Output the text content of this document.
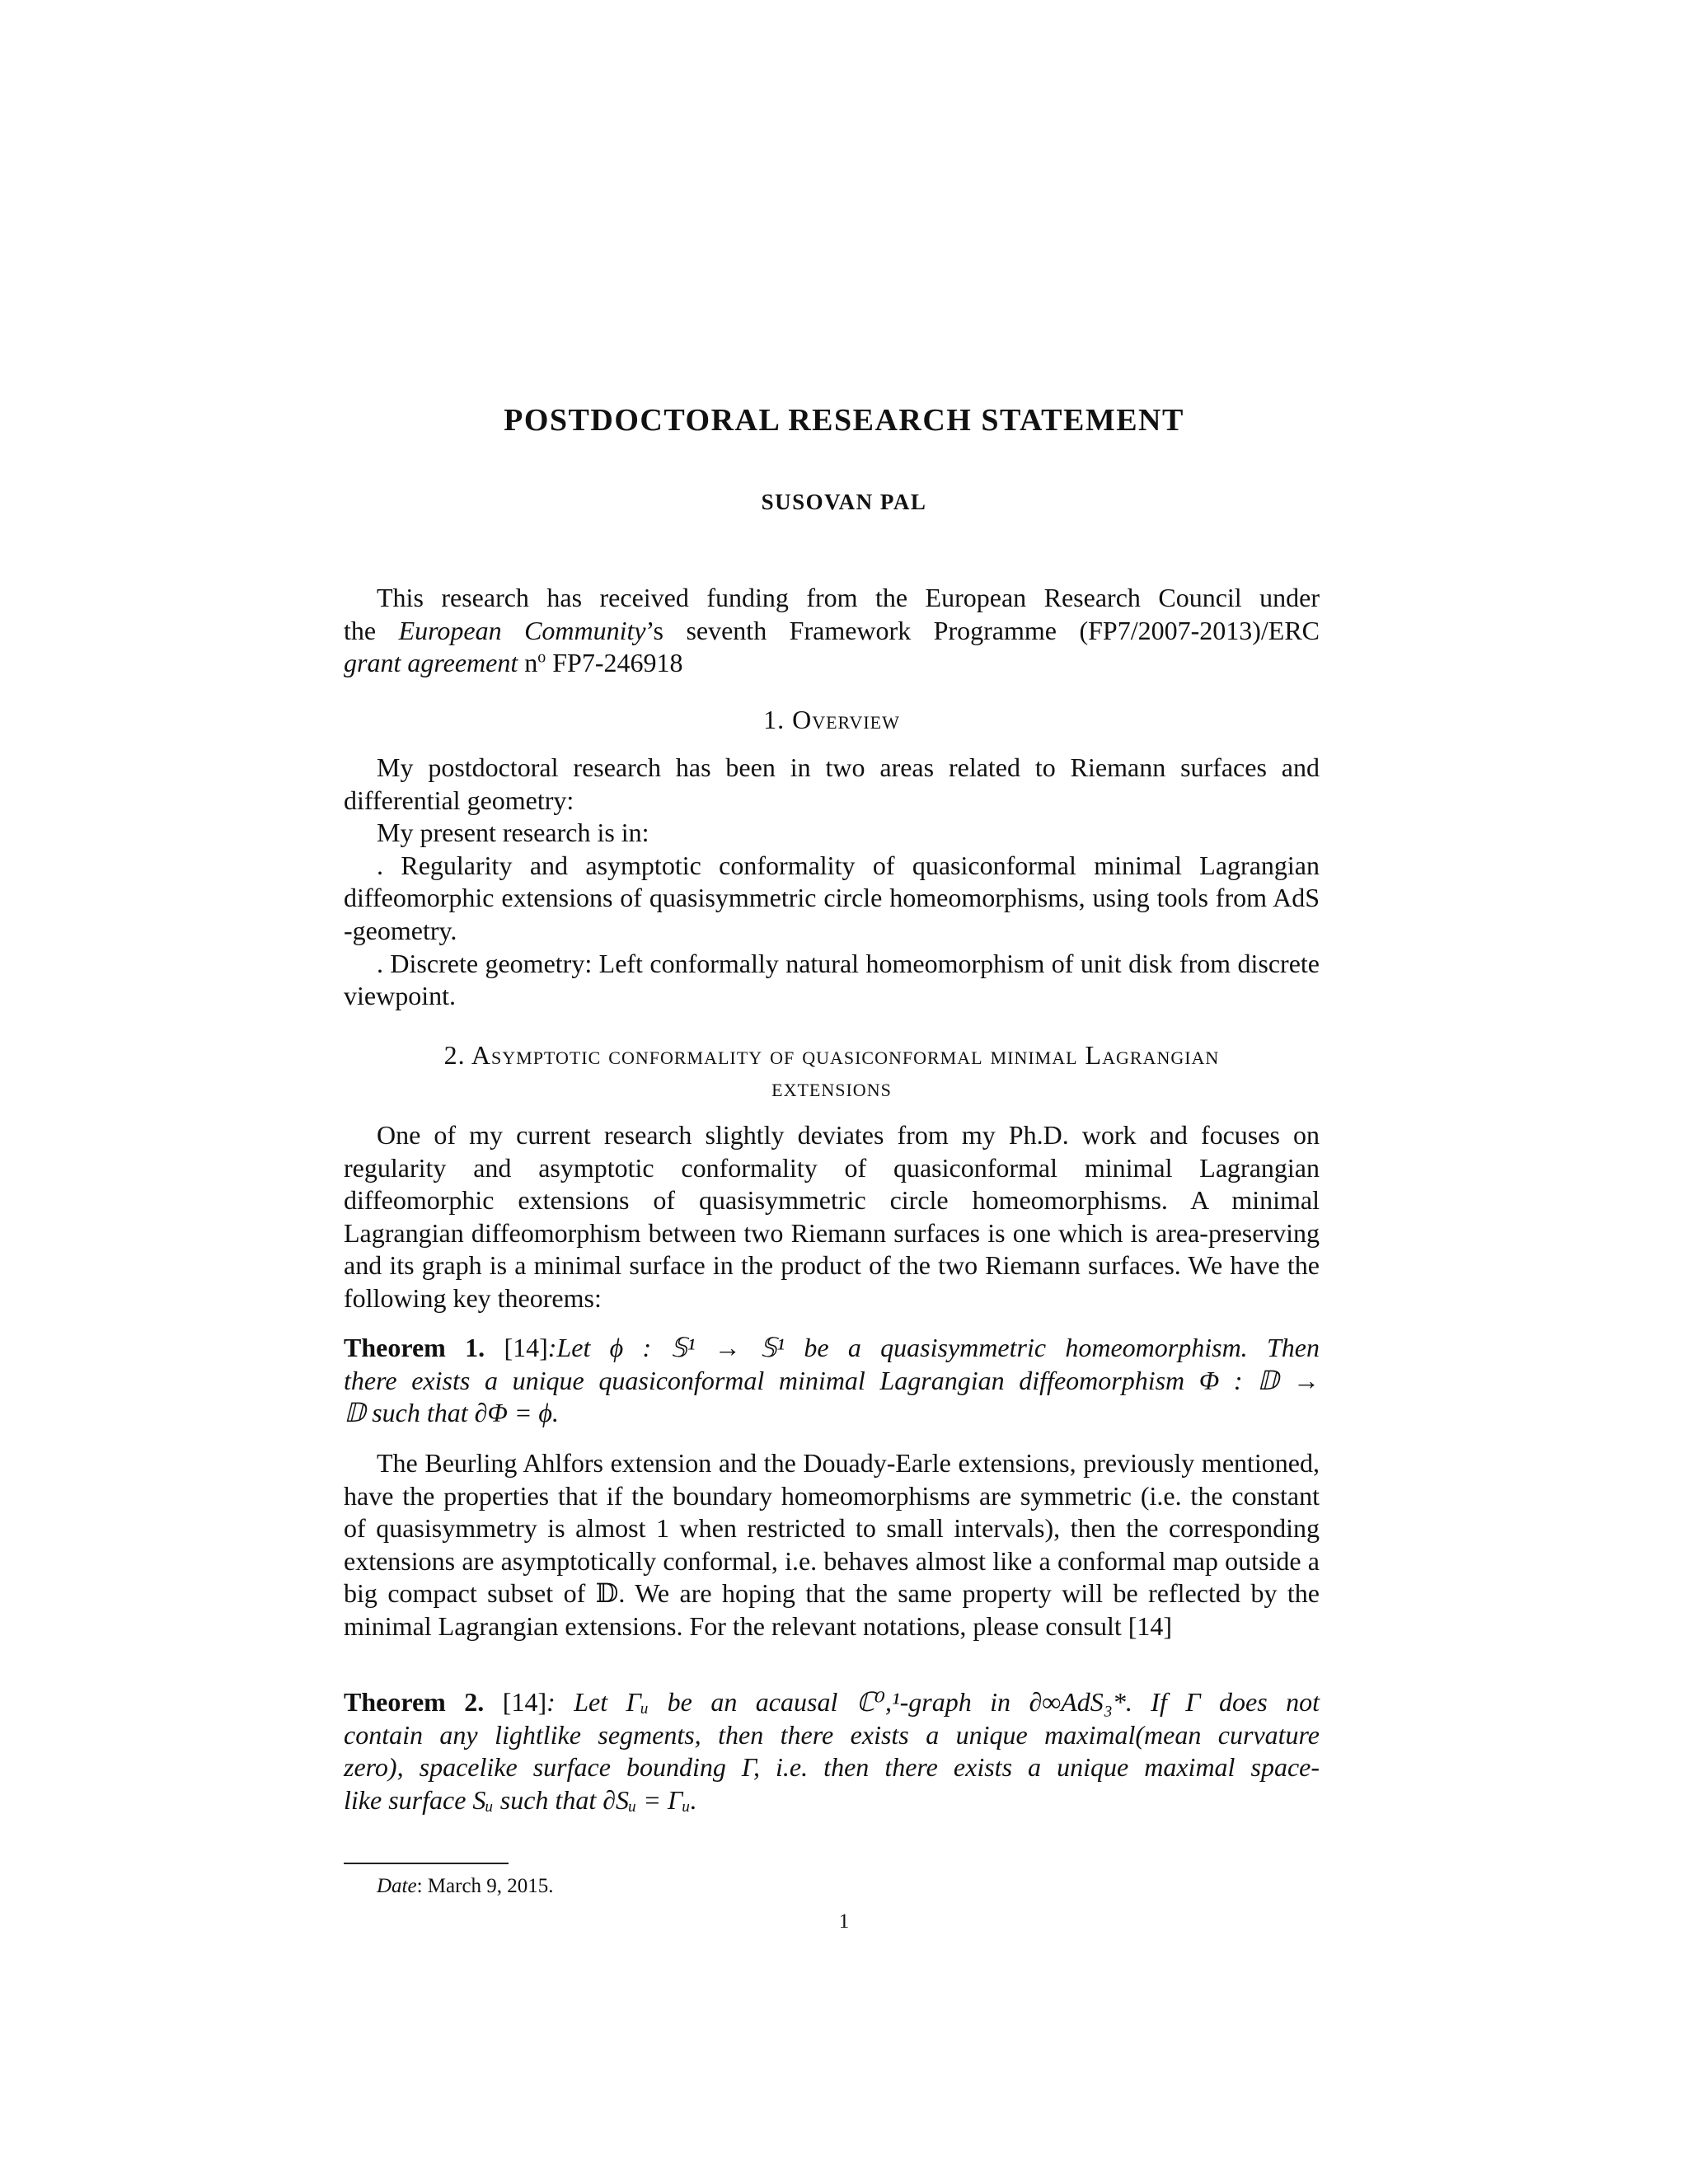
POSTDOCTORAL RESEARCH STATEMENT
SUSOVAN PAL

This research has received funding from the European Research Council under

the European Community’s seventh Framework Programme (FP7/2007-2013)/ERC

grant agreement $n^o$ FP7-246918

1. Overview

My postdoctoral research has been in two areas related to Riemann surfaces and differential geometry:

My present research is in:

. Regularity and asymptotic conformality of quasiconformal minimal Lagrangian diffeomorphic extensions of quasisymmetric circle homeomorphisms, using tools from AdS -geometry.

. Discrete geometry: Left conformally natural homeomorphism of unit disk from discrete viewpoint.

2. Asymptotic conformality of quasiconformal minimal Lagrangian

extensions

One of my current research slightly deviates from my Ph.D. work and focuses on regularity and asymptotic conformality of quasiconformal minimal Lagrangian diffeomorphic extensions of quasisymmetric circle homeomorphisms. A minimal Lagrangian diffeomorphism between two Riemann surfaces is one which is area-preserving and its graph is a minimal surface in the product of the two Riemann surfaces. We have the following key theorems:

Theorem 1. [14]:Let ϕ : 𝕊¹ → 𝕊¹ be a quasisymmetric homeomorphism. Then
there exists a unique quasiconformal minimal Lagrangian diffeomorphism Φ : 𝔻 →
𝔻 such that ∂Φ = ϕ.

The Beurling Ahlfors extension and the Douady-Earle extensions, previously mentioned, have the properties that if the boundary homeomorphisms are symmetric (i.e. the constant of quasisymmetry is almost 1 when restricted to small intervals), then the corresponding extensions are asymptotically conformal, i.e. behaves almost like a conformal map outside a big compact subset of 𝔻. We are hoping that the same property will be reflected by the minimal Lagrangian extensions. For the relevant notations, please consult [14]

Theorem 2. [14]: Let Γᵤ be an acausal ℂ⁰,¹-graph in ∂∞AdS₃*. If Γ does not
contain any lightlike segments, then there exists a unique maximal(mean curvature
zero), spacelike surface bounding Γ, i.e. then there exists a unique maximal space-
like surface Sᵤ such that ∂Sᵤ = Γᵤ.

Date: March 9, 2015.
1
